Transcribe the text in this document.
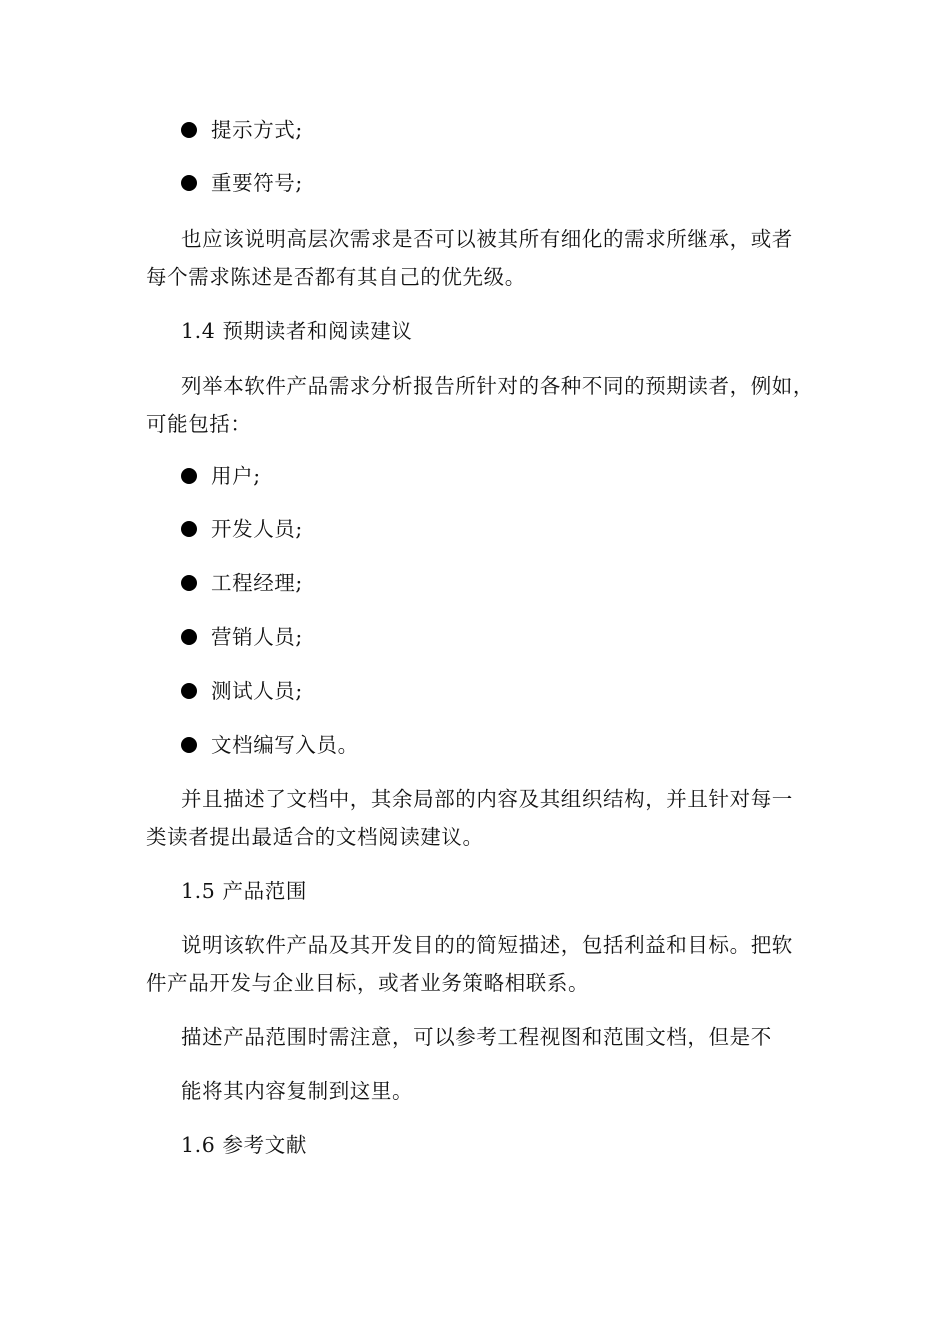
提示方式;
重要符号;
也应该说明高层次需求是否可以被其所有细化的需求所继承，或者
每个需求陈述是否都有其自己的优先级。
1.4 预期读者和阅读建议
列举本软件产品需求分析报告所针对的各种不同的预期读者，例如，
可能包括：
用户;
开发人员;
工程经理;
营销人员;
测试人员;
文档编写入员。
并且描述了文档中，其余局部的内容及其组织结构，并且针对每一
类读者提出最适合的文档阅读建议。
1.5 产品范围
说明该软件产品及其开发目的的简短描述，包括利益和目标。把软
件产品开发与企业目标，或者业务策略相联系。
描述产品范围时需注意，可以参考工程视图和范围文档，但是不
能将其内容复制到这里。
1.6 参考文献
